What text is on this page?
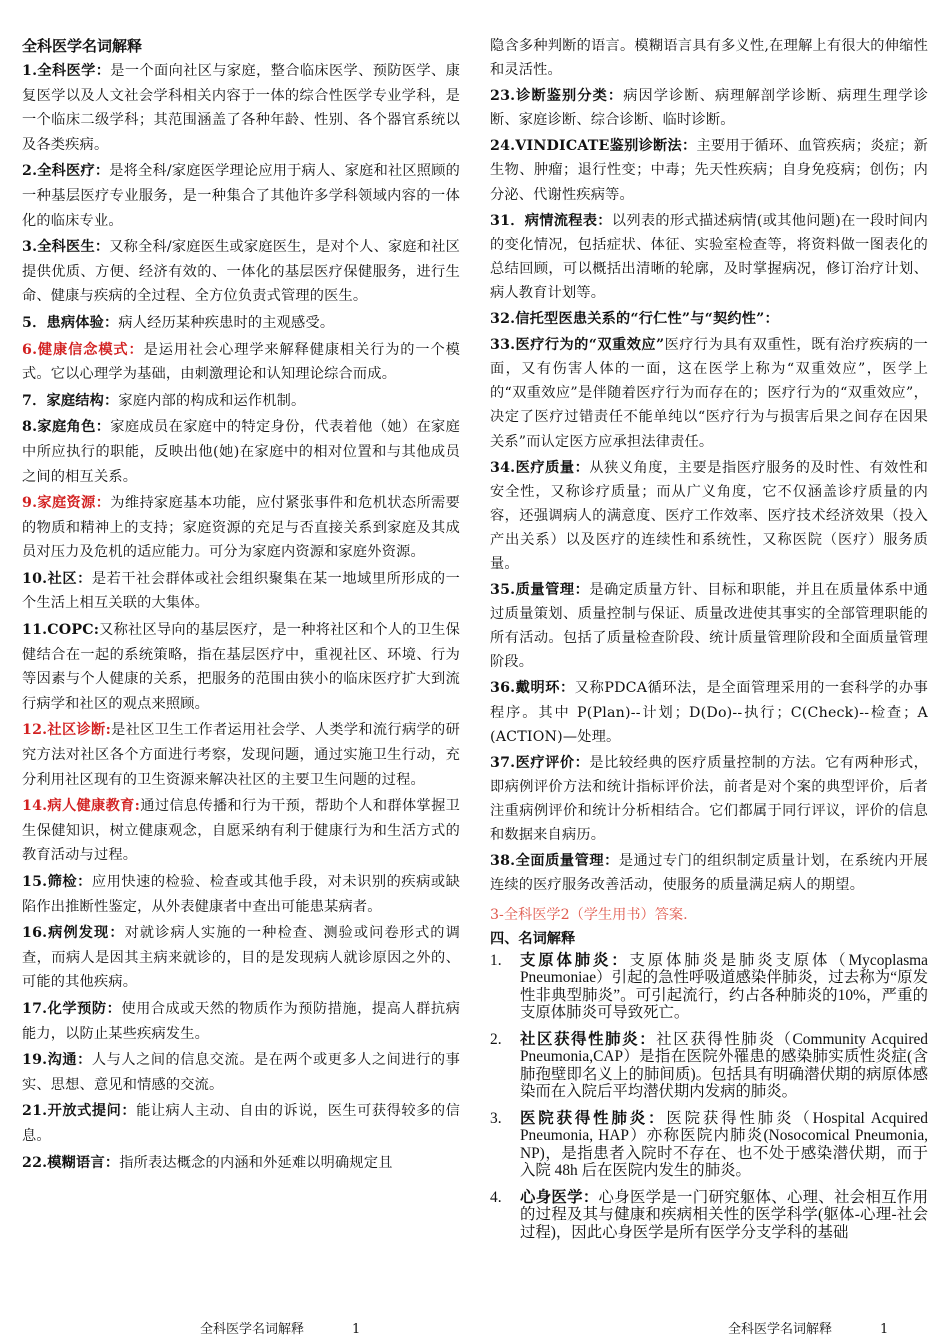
全科医学名词解释
1.全科医学：是一个面向社区与家庭，整合临床医学、预防医学、康复医学以及人文社会学科相关内容于一体的综合性医学专业学科，是一个临床二级学科；其范围涵盖了各种年龄、性别、各个器官系统以及各类疾病。
2.全科医疗：是将全科/家庭医学理论应用于病人、家庭和社区照顾的一种基层医疗专业服务，是一种集合了其他许多学科领域内容的一体化的临床专业。
3.全科医生：又称全科/家庭医生或家庭医生，是对个人、家庭和社区提供优质、方便、经济有效的、一体化的基层医疗保健服务，进行生命、健康与疾病的全过程、全方位负责式管理的医生。
5．患病体验：病人经历某种疾患时的主观感受。
6.健康信念模式：是运用社会心理学来解释健康相关行为的一个模式。它以心理学为基础，由刺激理论和认知理论综合而成。
7．家庭结构：家庭内部的构成和运作机制。
8.家庭角色：家庭成员在家庭中的特定身份，代表着他（她）在家庭中所应执行的职能，反映出他(她)在家庭中的相对位置和与其他成员之间的相互关系。
9.家庭资源：为维持家庭基本功能，应付紧张事件和危机状态所需要的物质和精神上的支持；家庭资源的充足与否直接关系到家庭及其成员对压力及危机的适应能力。可分为家庭内资源和家庭外资源。
10.社区：是若干社会群体或社会组织聚集在某一地域里所形成的一个生活上相互关联的大集体。
11.COPC:又称社区导向的基层医疗，是一种将社区和个人的卫生保健结合在一起的系统策略，指在基层医疗中，重视社区、环境、行为等因素与个人健康的关系，把服务的范围由狭小的临床医疗扩大到流行病学和社区的观点来照顾。
12.社区诊断:是社区卫生工作者运用社会学、人类学和流行病学的研究方法对社区各个方面进行考察，发现问题，通过实施卫生行动，充分利用社区现有的卫生资源来解决社区的主要卫生问题的过程。
14.病人健康教育:通过信息传播和行为干预，帮助个人和群体掌握卫生保健知识，树立健康观念，自愿采纳有利于健康行为和生活方式的教育活动与过程。
15.筛检：应用快速的检验、检查或其他手段，对未识别的疾病或缺陷作出推断性鉴定，从外表健康者中查出可能患某病者。
16.病例发现：对就诊病人实施的一种检查、测验或问卷形式的调查，而病人是因其主病来就诊的，目的是发现病人就诊原因之外的、可能的其他疾病。
17.化学预防：使用合成或天然的物质作为预防措施，提高人群抗病能力，以防止某些疾病发生。
19.沟通：人与人之间的信息交流。是在两个或更多人之间进行的事实、思想、意见和情感的交流。
21.开放式提问：能让病人主动、自由的诉说，医生可获得较多的信息。
22.模糊语言：指所表达概念的内涵和外延难以明确规定且
隐含多种判断的语言。模糊语言具有多义性,在理解上有很大的伸缩性和灵活性。
23.诊断鉴别分类：病因学诊断、病理解剖学诊断、病理生理学诊断、家庭诊断、综合诊断、临时诊断。
24.VINDICATE鉴别诊断法：主要用于循环、血管疾病；炎症；新生物、肿瘤；退行性变；中毒；先天性疾病；自身免疫病；创伤；内分泌、代谢性疾病等。
31．病情流程表：以列表的形式描述病情(或其他问题)在一段时间内的变化情况，包括症状、体征、实验室检查等，将资料做一图表化的总结回顾，可以概括出清晰的轮廓，及时掌握病况，修订治疗计划、病人教育计划等。
32.信托型医患关系的“行仁性”与“契约性”：
33.医疗行为的“双重效应”医疗行为具有双重性，既有治疗疾病的一面，又有伤害人体的一面，这在医学上称为“双重效应”，医学上的“双重效应”是伴随着医疗行为而存在的；医疗行为的“双重效应”，决定了医疗过错责任不能单纯以“医疗行为与损害后果之间存在因果关系”而认定医方应承担法律责任。
34.医疗质量：从狭义角度，主要是指医疗服务的及时性、有效性和安全性，又称诊疗质量；而从广义角度，它不仅涵盖诊疗质量的内容，还强调病人的满意度、医疗工作效率、医疗技术经济效果（投入产出关系）以及医疗的连续性和系统性，又称医院（医疗）服务质量。
35.质量管理：是确定质量方针、目标和职能，并且在质量体系中通过质量策划、质量控制与保证、质量改进使其事实的全部管理职能的所有活动。包括了质量检查阶段、统计质量管理阶段和全面质量管理阶段。
36.戴明环：又称PDCA循环法，是全面管理采用的一套科学的办事程序。其中 P(Plan)--计划；D(Do)--执行；C(Check)--检查；A (ACTION)—处理。
37.医疗评价：是比较经典的医疗质量控制的方法。它有两种形式，即病例评价方法和统计指标评价法，前者是对个案的典型评价，后者注重病例评价和统计分析相结合。它们都属于同行评议，评价的信息和数据来自病历。
38.全面质量管理：是通过专门的组织制定质量计划，在系统内开展连续的医疗服务改善活动，使服务的质量满足病人的期望。
3-全科医学2（学生用书）答案.
四、名词解释
1. 支原体肺炎：支原体肺炎是肺炎支原体（Mycoplasma Pneumoniae）引起的急性呼吸道感染伴肺炎，过去称为“原发性非典型肺炎”。可引起流行，约占各种肺炎的10%，严重的支原体肺炎可导致死亡。
2. 社区获得性肺炎：社区获得性肺炎（Community Acquired Pneumonia,CAP）是指在医院外罹患的感染肺实质性炎症(含肺孢壁即名义上的肺间质)。包括具有明确潜伏期的病原体感染而在入院后平均潜伏期内发病的肺炎。
3. 医院获得性肺炎：医院获得性肺炎（Hospital Acquired Pneumonia, HAP）亦称医院内肺炎(Nosocomical Pneumonia, NP)，是指患者入院时不存在、也不处于感染潜伏期，而于入院 48h 后在医院内发生的肺炎。
4. 心身医学：心身医学是一门研究躯体、心理、社会相互作用的过程及其与健康和疾病相关性的医学科学(躯体-心理-社会过程)，因此心身医学是所有医学分支学科的基础
全科医学名词解释	1	全科医学名词解释	1
